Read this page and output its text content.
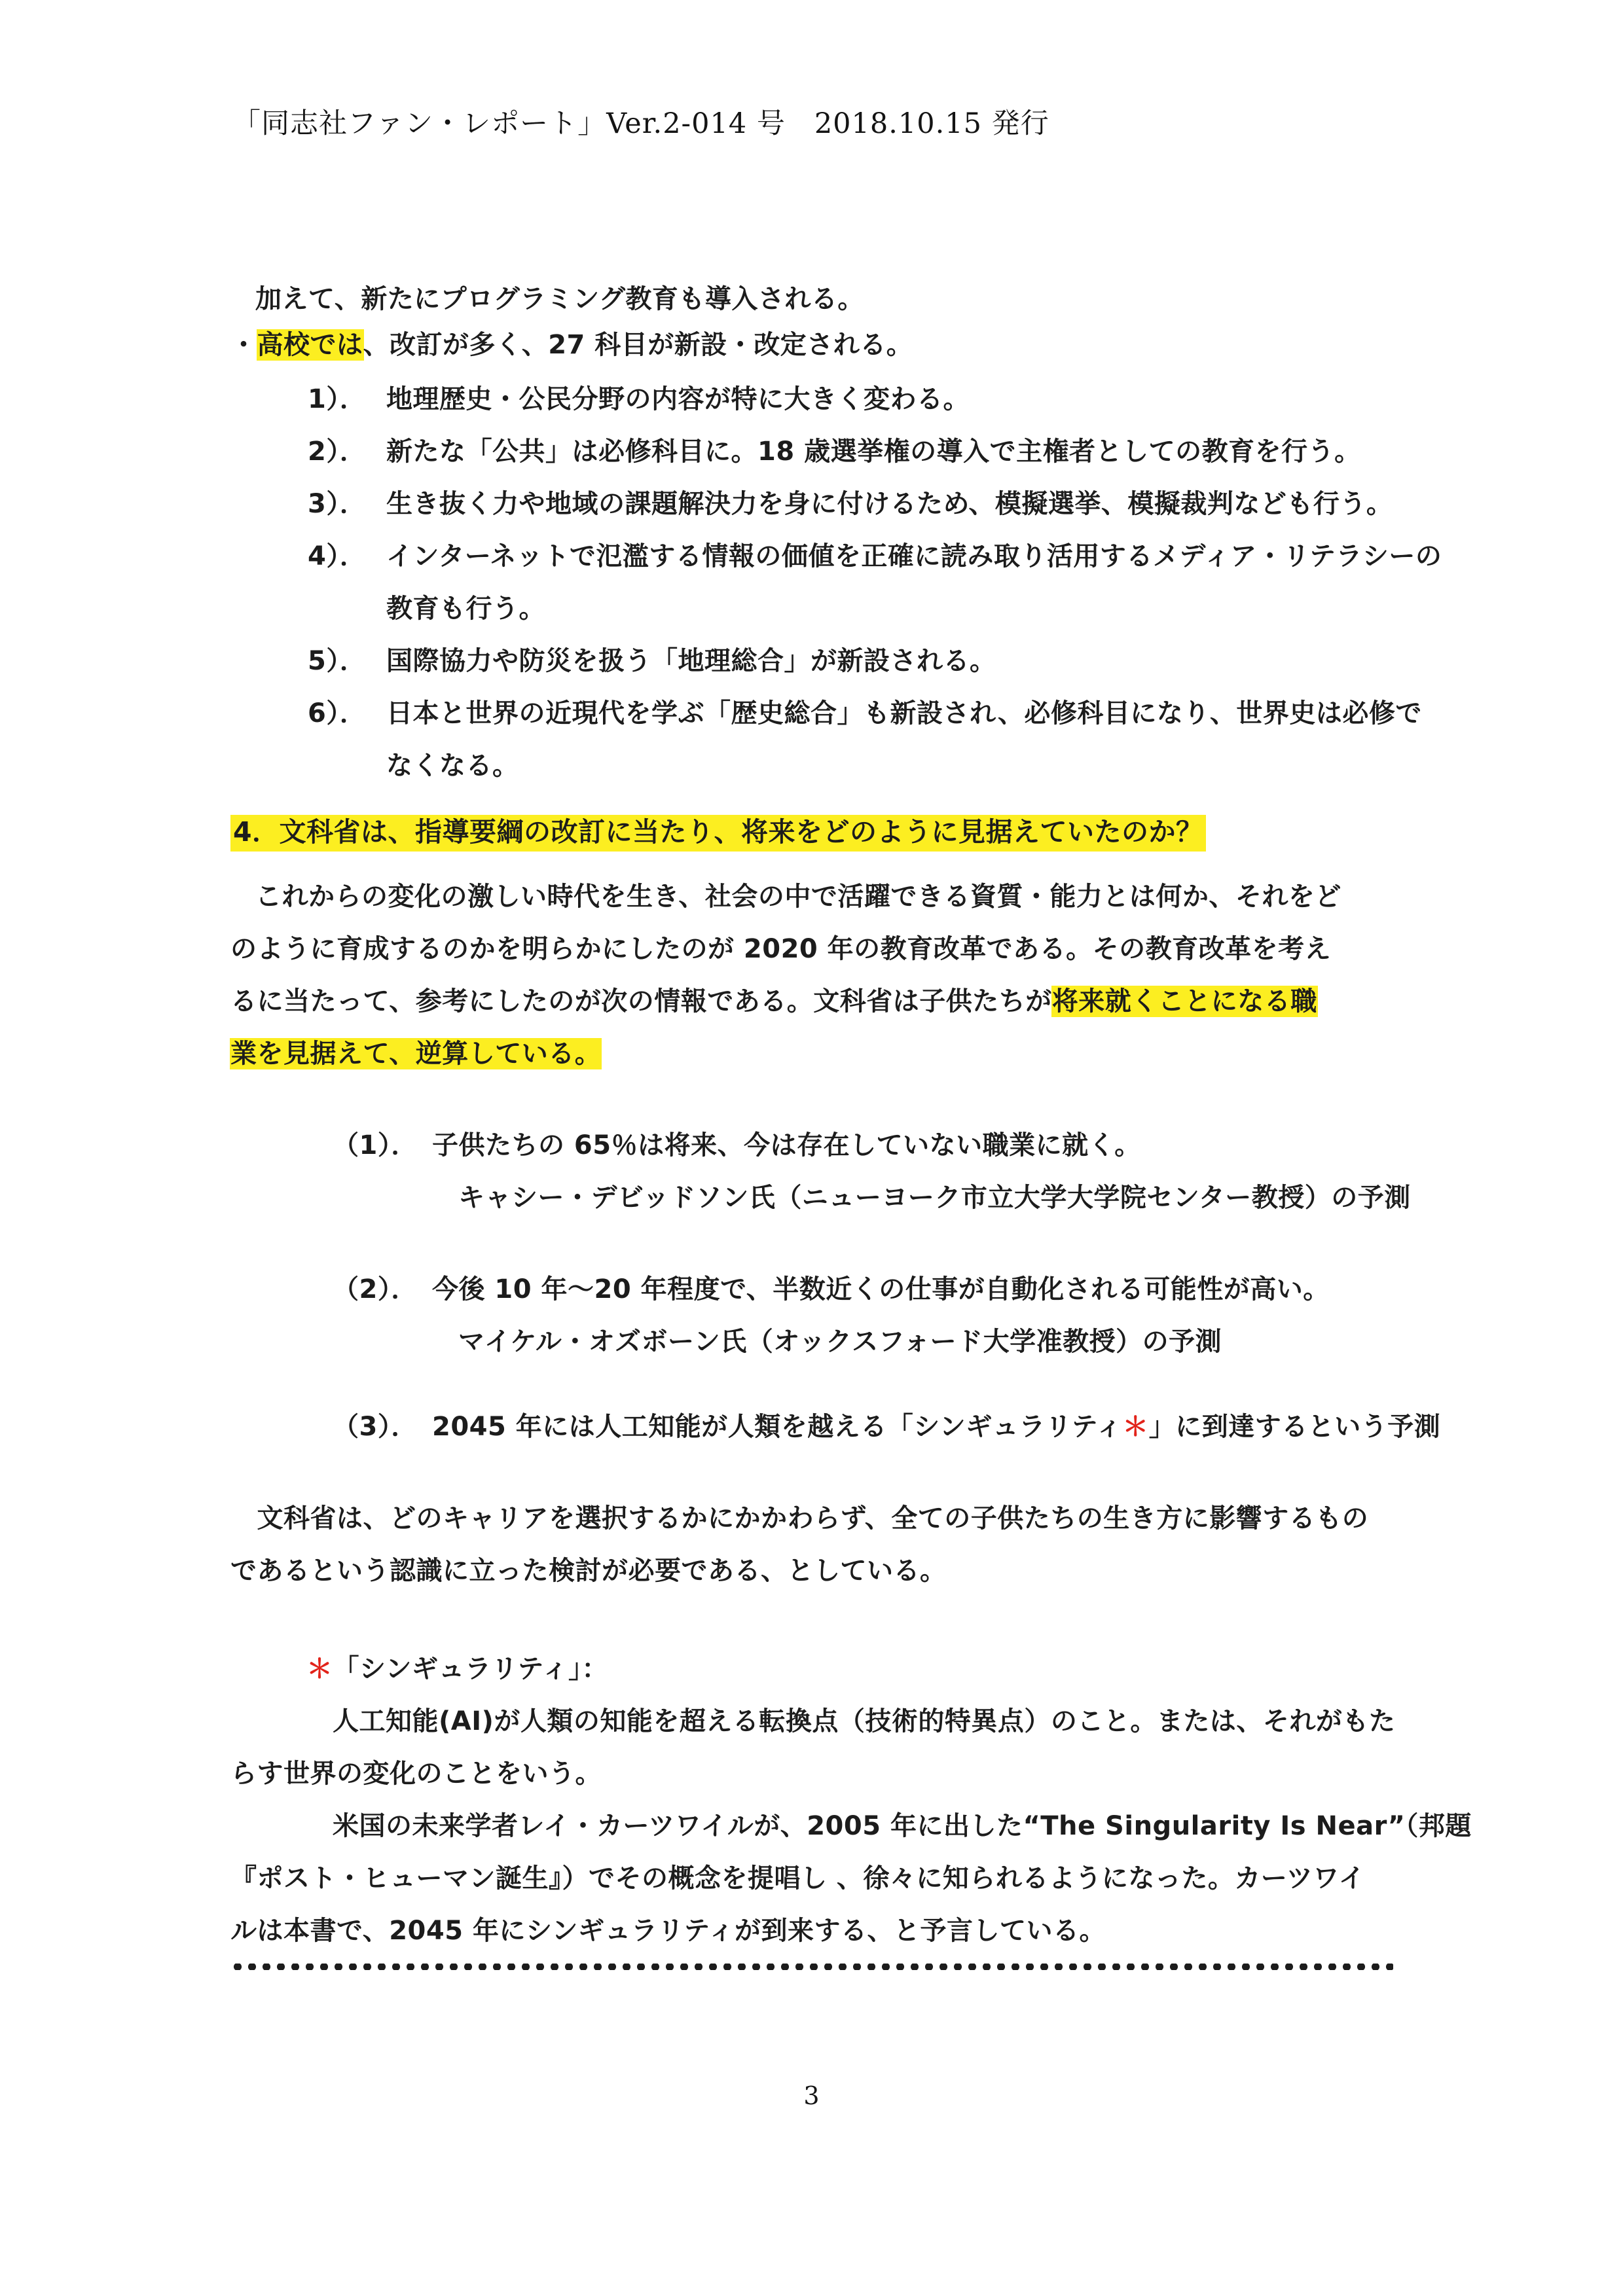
「同志社ファン・レポート」Ver.2-014 号　2018.10.15 発行
加えて、新たにプログラミング教育も導入される。
・高校では、改訂が多く、27 科目が新設・改定される。
1）． 地理歴史・公民分野の内容が特に大きく変わる。
2）． 新たな「公共」は必修科目に。18 歳選挙権の導入で主権者としての教育を行う。
3）． 生き抜く力や地域の課題解決力を身に付けるため、模擬選挙、模擬裁判なども行う。
4）． インターネットで氾濫する情報の価値を正確に読み取り活用するメディア・リテラシーの
教育も行う。
5）． 国際協力や防災を扱う「地理総合」が新設される。
6）． 日本と世界の近現代を学ぶ「歴史総合」も新設され、必修科目になり、世界史は必修で
なくなる。
4．文科省は、指導要綱の改訂に当たり、将来をどのように見据えていたのか？
これからの変化の激しい時代を生き、社会の中で活躍できる資質・能力とは何か、それをど
のように育成するのかを明らかにしたのが 2020 年の教育改革である。その教育改革を考え
るに当たって、参考にしたのが次の情報である。文科省は子供たちが将来就くことになる職
業を見据えて、逆算している。
（1）． 子供たちの 65％は将来、今は存在していない職業に就く。
キャシー・デビッドソン氏（ニューヨーク市立大学大学院センター教授）の予測
（2）． 今後 10 年～20 年程度で、半数近くの仕事が自動化される可能性が高い。
マイケル・オズボーン氏（オックスフォード大学准教授）の予測
（3）． 2045 年には人工知能が人類を越える「シンギュラリティ＊」に到達するという予測
　文科省は、どのキャリアを選択するかにかかわらず、全ての子供たちの生き方に影響するもの
であるという認識に立った検討が必要である、としている。
＊「シンギュラリティ」：
人工知能(AI)が人類の知能を超える転換点（技術的特異点）のこと。または、それがもた
らす世界の変化のことをいう。
米国の未来学者レイ・カーツワイルが、2005 年に出した“The Singularity Is Near”（邦題
『ポスト・ヒューマン誕生』）でその概念を提唱し 、徐々に知られるようになった。カーツワイ
ルは本書で、2045 年にシンギュラリティが到来する、と予言している。
3
